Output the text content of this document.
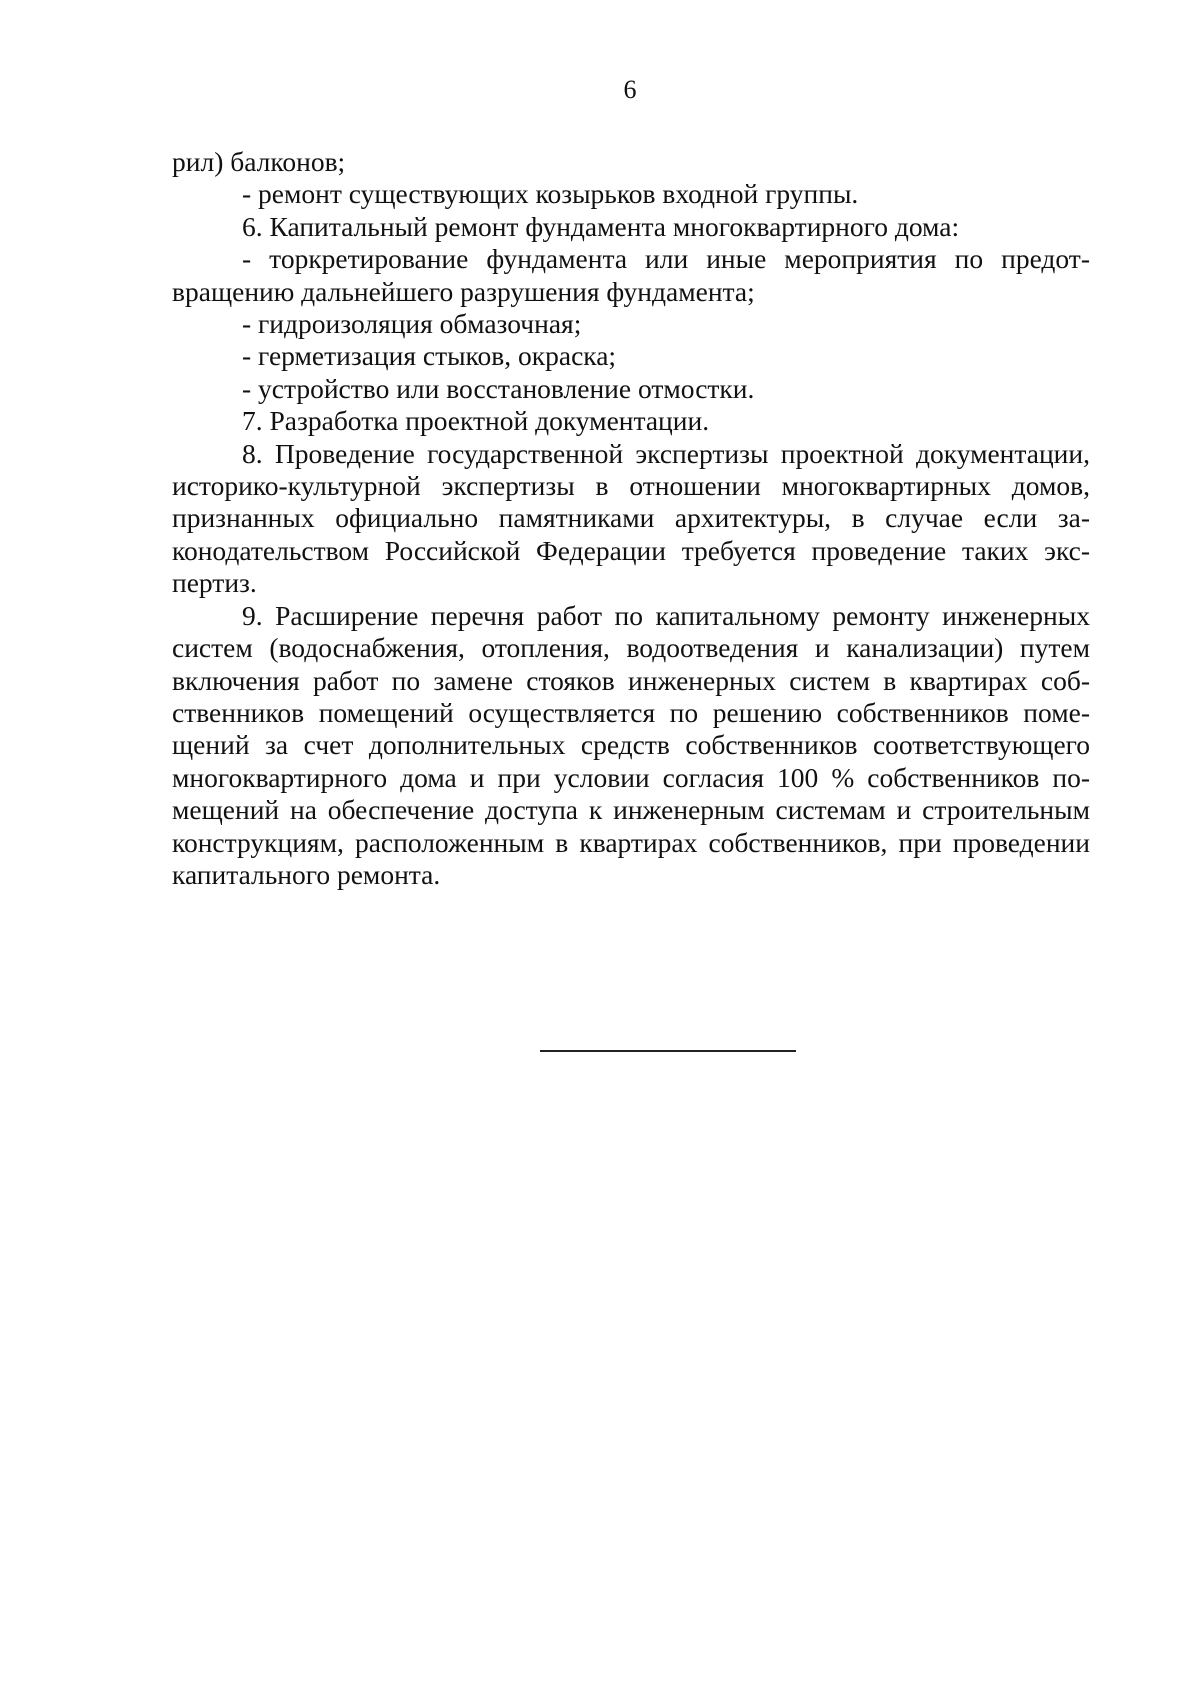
6

рил) балконов;

- ремонт существующих козырьков входной группы.

6. Капитальный ремонт фундамента многоквартирного дома:

- торкретирование фундамента или иные мероприятия по предотвращению дальнейшего разрушения фундамента;

- гидроизоляция обмазочная;

- герметизация стыков, окраска;

- устройство или восстановление отмостки.

7. Разработка проектной документации.

8. Проведение государственной экспертизы проектной документации, историко-культурной экспертизы в отношении многоквартирных домов, признанных официально памятниками архитектуры, в случае если законодательством Российской Федерации требуется проведение таких экспертиз.

9. Расширение перечня работ по капитальному ремонту инженерных систем (водоснабжения, отопления, водоотведения и канализации) путем включения работ по замене стояков инженерных систем в квартирах собственников помещений осуществляется по решению собственников помещений за счет дополнительных средств собственников соответствующего многоквартирного дома и при условии согласия 100 % собственников помещений на обеспечение доступа к инженерным системам и строительным конструкциям, расположенным в квартирах собственников, при проведении капитального ремонта.
